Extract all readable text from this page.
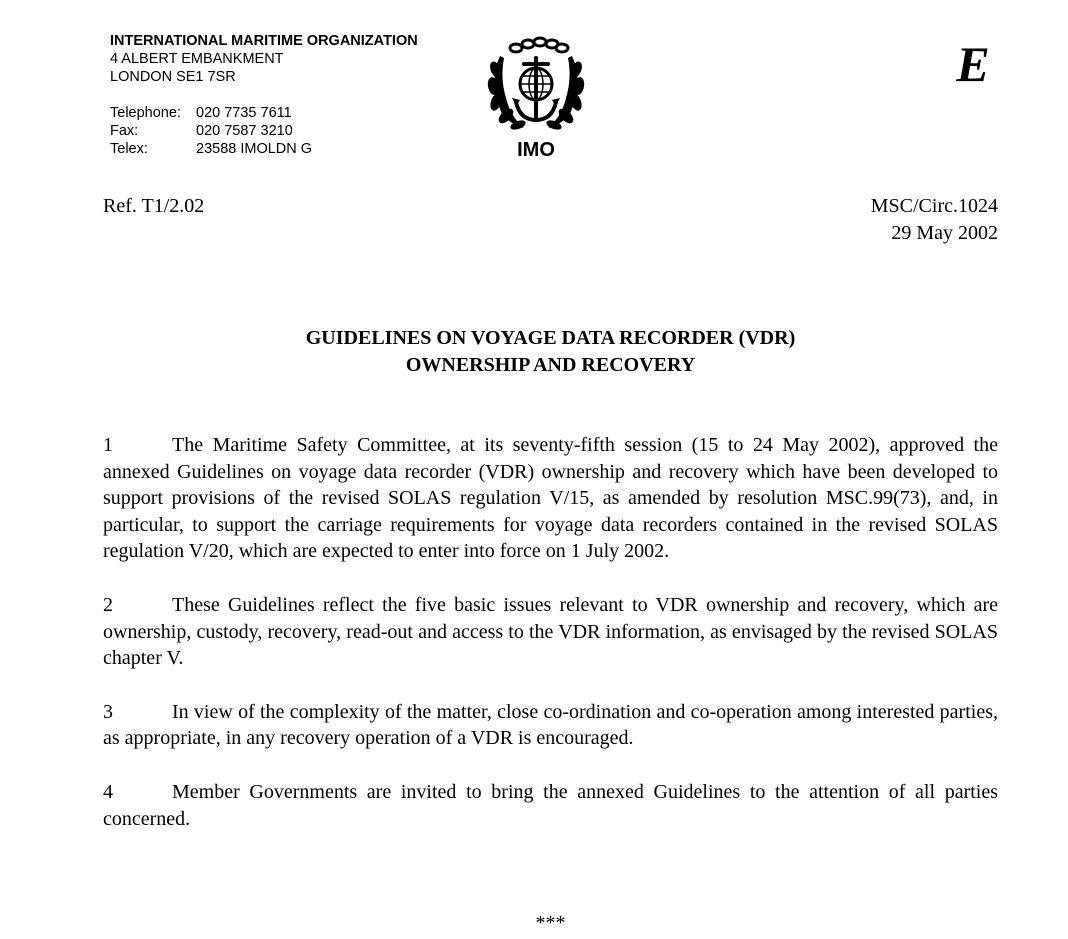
INTERNATIONAL MARITIME ORGANIZATION
4 ALBERT EMBANKMENT
LONDON SE1 7SR
Telephone:	020 7735 7611
Fax:	020 7587 3210
Telex:	23588 IMOLDN G	IMO
E
Ref. T1/2.02	MSC/Circ.1024
29 May 2002
GUIDELINES ON VOYAGE DATA RECORDER (VDR)
OWNERSHIP AND RECOVERY

1	The Maritime Safety Committee, at its seventy-fifth session (15 to 24 May 2002), approved the annexed Guidelines on voyage data recorder (VDR) ownership and recovery which have been developed to support provisions of the revised SOLAS regulation V/15, as amended by resolution MSC.99(73), and, in particular, to support the carriage requirements for voyage data recorders contained in the revised SOLAS regulation V/20, which are expected to enter into force on 1 July 2002.

2	These Guidelines reflect the five basic issues relevant to VDR ownership and recovery, which are ownership, custody, recovery, read-out and access to the VDR information, as envisaged by the revised SOLAS chapter V.

3	In view of the complexity of the matter, close co-ordination and co-operation among interested parties, as appropriate, in any recovery operation of a VDR is encouraged.

4	Member Governments are invited to bring the annexed Guidelines to the attention of all parties concerned.

***
